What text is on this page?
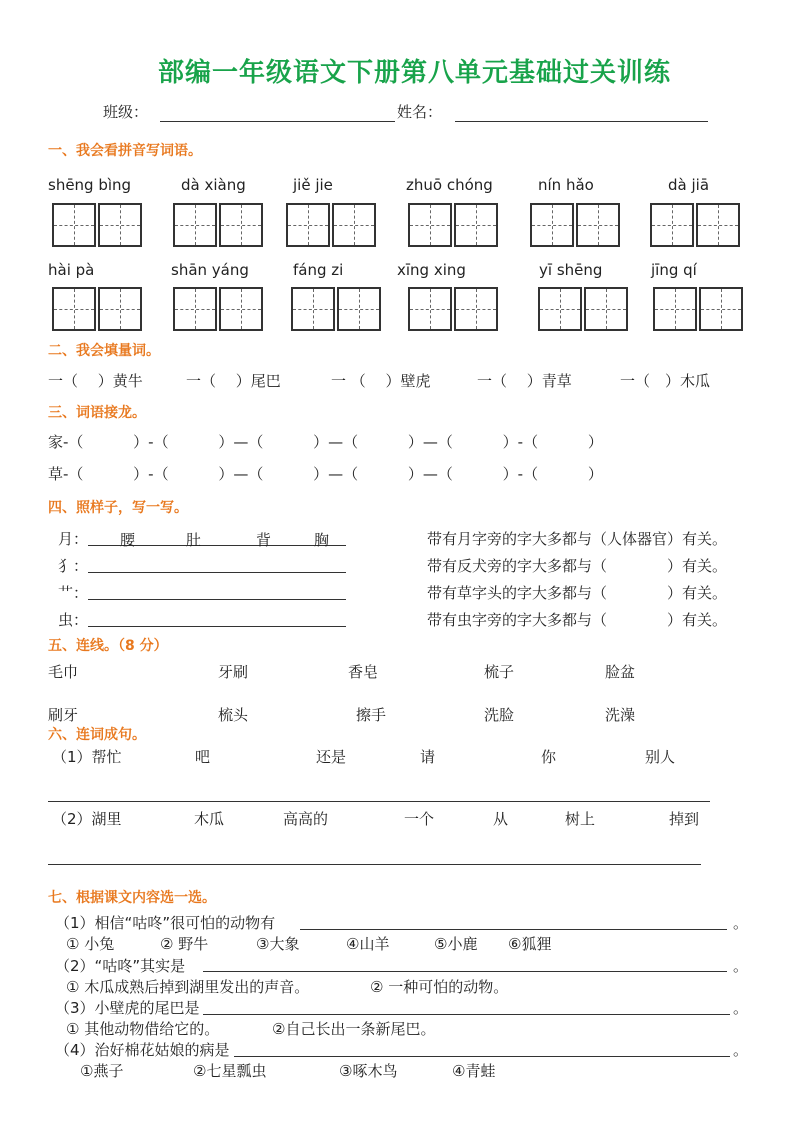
部编一年级语文下册第八单元基础过关训练
班级：	姓名：
一、我会看拼音写词语。
shēng bìng	dà xiàng	jiě jie	zhuō chóng	nín hǎo	dà jiā
hài pà	shān yáng	fáng zi	xīng xing	yī shēng	jīng qí
二、我会填量词。
一（　 ）黄牛	一（　 ）尾巴	一 （　 ）壁虎	一（　 ）青草	一（　）木瓜
三、词语接龙。
家-（　　　 ）-（　　　 ）—（　　　 ）—（　　　 ）—（　　　 ）-（　　　 ）
草-（　　　 ）-（　　　 ）—（　　　 ）—（　　　 ）—（　　　 ）-（　　　 ）
四、照样子，写一写。
月： 腰	肚	背	胸
犭：
艹：
虫：
带有月字旁的字大多都与（人体器官）有关。
带有反犬旁的字大多都与（　　　　）有关。
带有草字头的字大多都与（　　　　）有关。
带有虫字旁的字大多都与（　　　　）有关。
五、连线。（8 分）
毛巾	牙刷	香皂	梳子	脸盆
刷牙	梳头	擦手	洗脸	洗澡
六、连词成句。
（1）帮忙	吧	还是	请	你	别人
（2）湖里	木瓜	高高的	一个	从	树上	掉到
七、根据课文内容选一选。
（1）相信“咕咚”很可怕的动物有	。
① 小兔	② 野牛	③大象	④山羊	⑤小鹿 ⑥狐狸
（2）“咕咚”其实是	。
① 木瓜成熟后掉到湖里发出的声音。	② 一种可怕的动物。
（3）小壁虎的尾巴是	。
① 其他动物借给它的。	②自己长出一条新尾巴。
（4）治好棉花姑娘的病是	。
①燕子	②七星瓢虫	③啄木鸟	④青蛙
